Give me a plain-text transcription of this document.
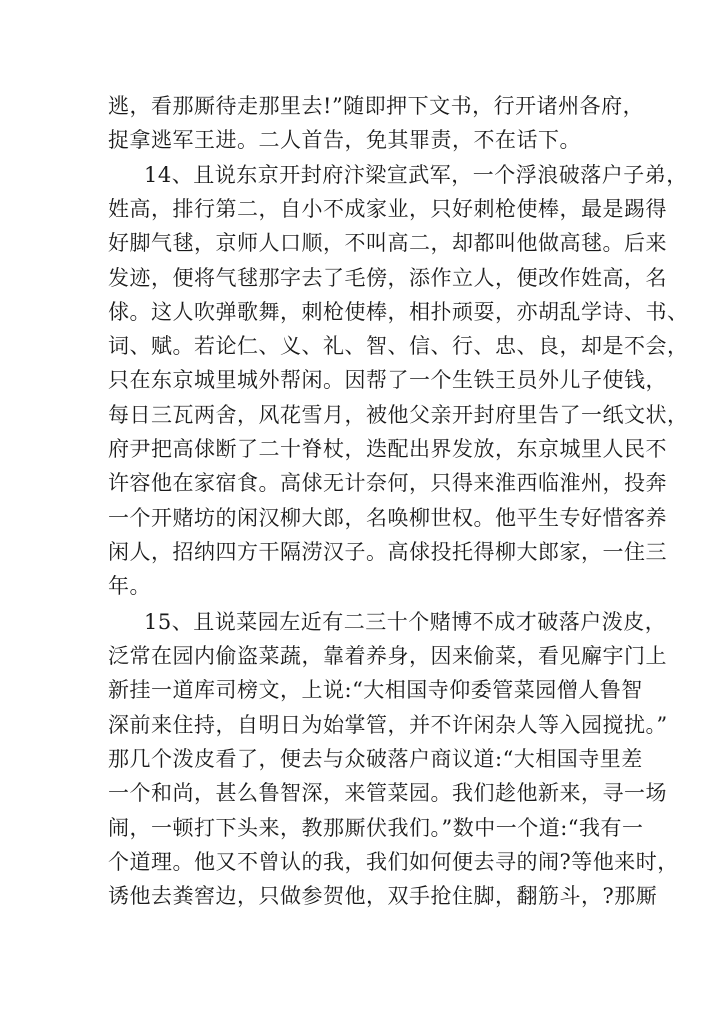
逃，看那厮待走那里去!”随即押下文书，行开诸州各府，
捉拿逃军王进。二人首告，免其罪责，不在话下。
14、且说东京开封府汴梁宣武军，一个浮浪破落户子弟，
姓高，排行第二，自小不成家业，只好刺枪使棒，最是踢得
好脚气毬，京师人口顺，不叫高二，却都叫他做高毬。后来
发迹，便将气毬那字去了毛傍，添作立人，便改作姓高，名
俅。这人吹弹歌舞，刺枪使棒，相扑顽耍，亦胡乱学诗、书、
词、赋。若论仁、义、礼、智、信、行、忠、良，却是不会，
只在东京城里城外帮闲。因帮了一个生铁王员外儿子使钱，
每日三瓦两舍，风花雪月，被他父亲开封府里告了一纸文状，
府尹把高俅断了二十脊杖，迭配出界发放，东京城里人民不
许容他在家宿食。高俅无计奈何，只得来淮西临淮州，投奔
一个开赌坊的闲汉柳大郎，名唤柳世权。他平生专好惜客养
闲人，招纳四方干隔涝汉子。高俅投托得柳大郎家，一住三
年。
15、且说菜园左近有二三十个赌博不成才破落户泼皮，
泛常在园内偷盗菜蔬，靠着养身，因来偷菜，看见廨宇门上
新挂一道库司榜文，上说:“大相国寺仰委管菜园僧人鲁智
深前来住持，自明日为始掌管，并不许闲杂人等入园搅扰。”
那几个泼皮看了，便去与众破落户商议道:“大相国寺里差
一个和尚，甚么鲁智深，来管菜园。我们趁他新来，寻一场
闹，一顿打下头来，教那厮伏我们。”数中一个道:“我有一
个道理。他又不曾认的我，我们如何便去寻的闹?等他来时，
诱他去粪窖边，只做参贺他，双手抢住脚，翻筋斗，?那厮
